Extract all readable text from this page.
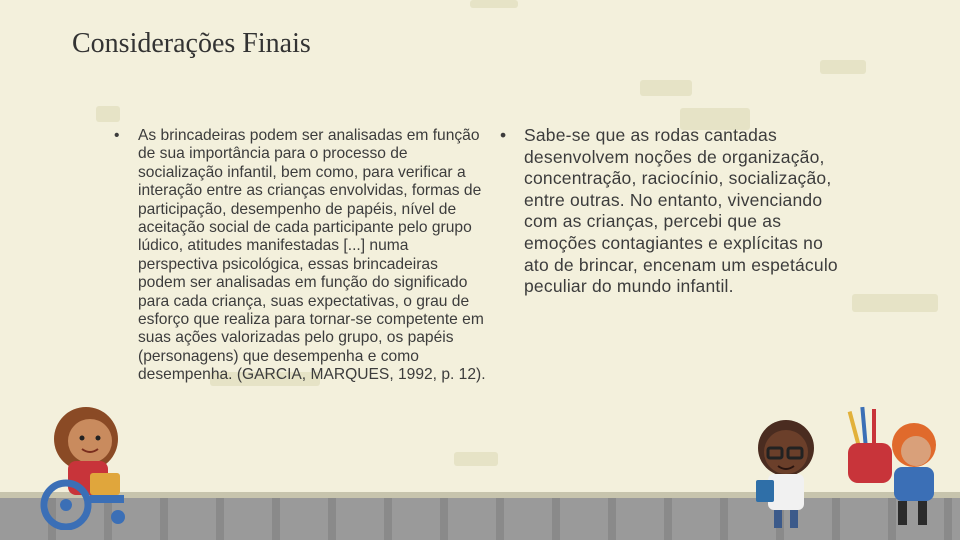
Considerações Finais
•	As brincadeiras podem ser analisadas em função de sua importância para o processo de socialização infantil, bem como, para verificar a interação entre as crianças envolvidas, formas de participação, desempenho de papéis, nível de aceitação social de cada participante pelo grupo lúdico, atitudes manifestadas [...] numa perspectiva psicológica, essas brincadeiras podem ser analisadas em função do significado para cada criança, suas expectativas, o grau de esforço que realiza para tornar-se competente em suas ações valorizadas pelo grupo, os papéis (personagens) que desempenha e como desempenha. (GARCIA, MARQUES, 1992, p. 12).
•	Sabe-se que as rodas cantadas desenvolvem noções de organização, concentração, raciocínio, socialização, entre outras. No entanto, vivenciando com as crianças, percebi que as emoções contagiantes e explícitas no ato de brincar, encenam um espetáculo peculiar do mundo infantil.
